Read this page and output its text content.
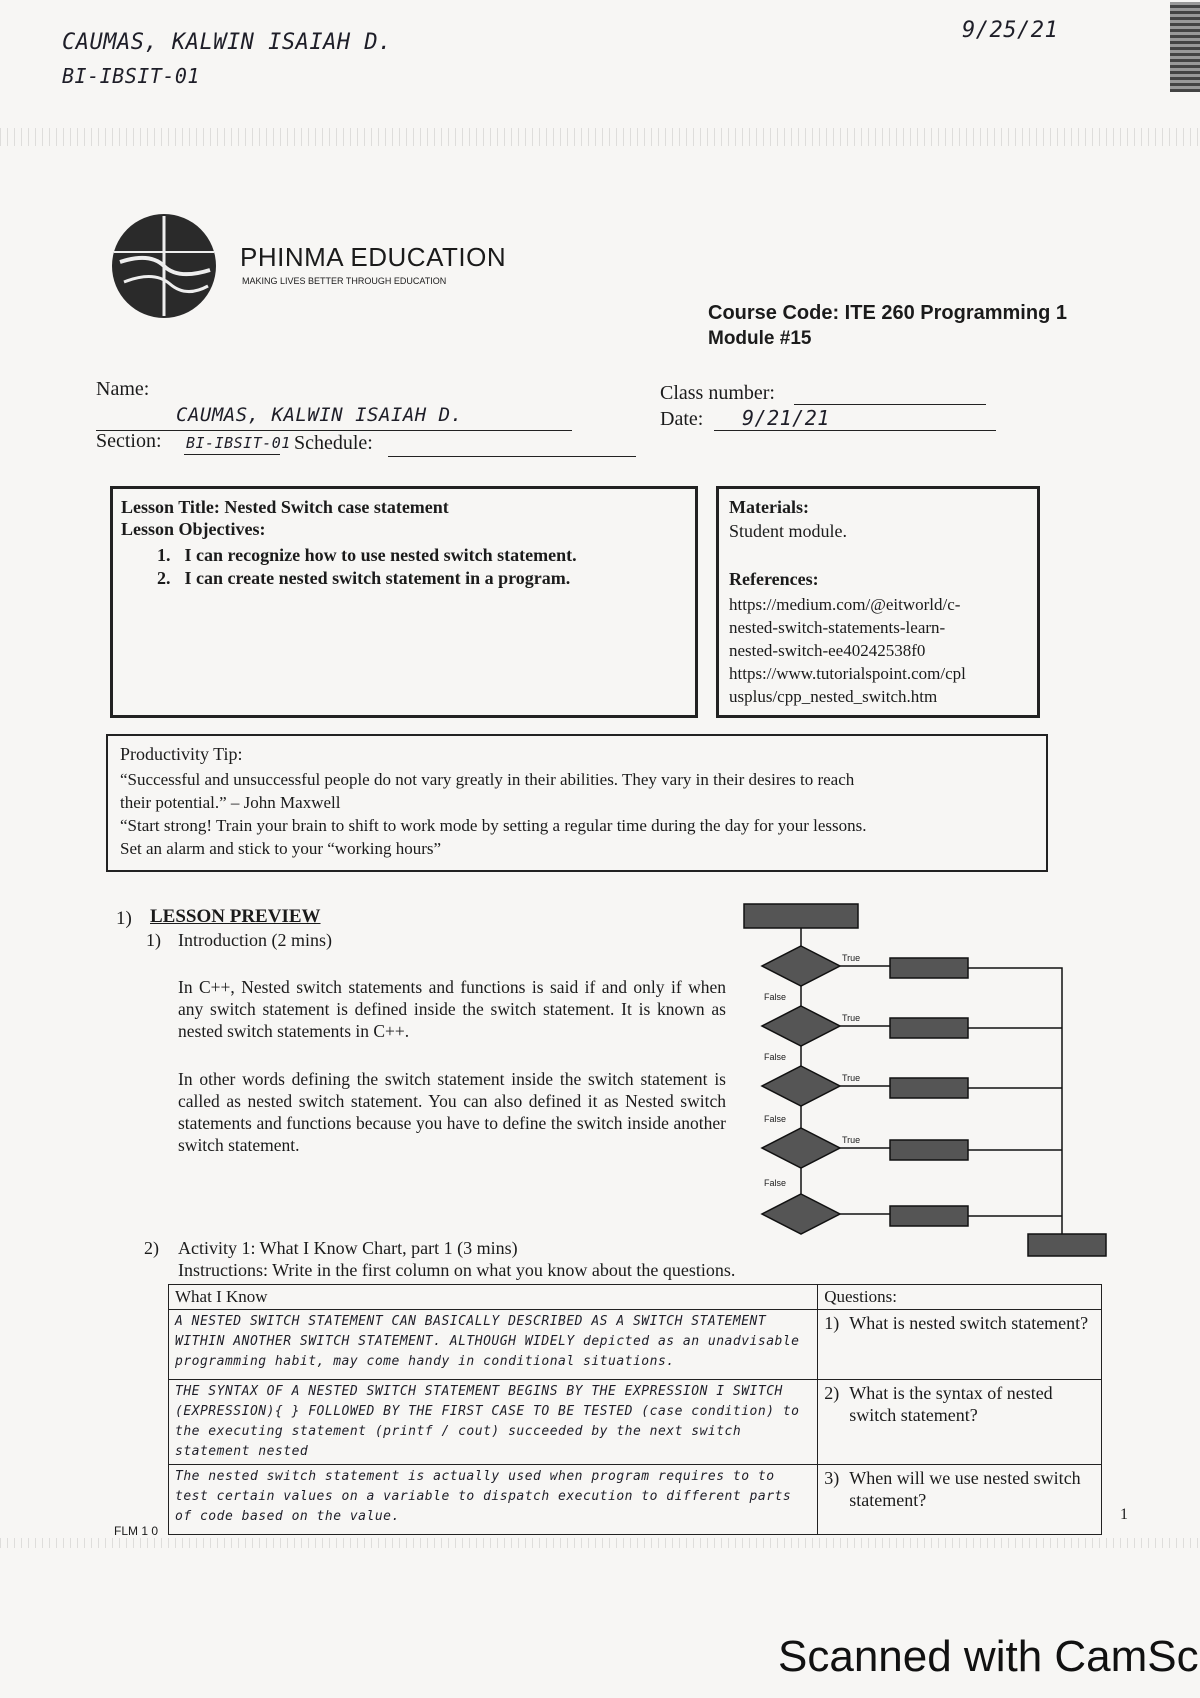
CAUMAS, KALWIN ISAIAH D.
BI-IBSIT-01
9/25/21
PHINMA EDUCATION
MAKING LIVES BETTER THROUGH EDUCATION
Course Code: ITE 260 Programming 1
Module #15
Name:
CAUMAS, KALWIN ISAIAH D.
Section: BI-IBSIT-01 Schedule:
Class number:
Date: 9/21/21
Lesson Title: Nested Switch case statement
Lesson Objectives:
1. I can recognize how to use nested switch statement.
2. I can create nested switch statement in a program.
Materials:
Student module.
References:
https://medium.com/@eitworld/c-
nested-switch-statements-learn-
nested-switch-ee40242538f0
https://www.tutorialspoint.com/cpl
usplus/cpp_nested_switch.htm
Productivity Tip:
“Successful and unsuccessful people do not vary greatly in their abilities. They vary in their desires to reach
their potential.” – John Maxwell
“Start strong! Train your brain to shift to work mode by setting a regular time during the day for your lessons.
Set an alarm and stick to your “working hours”
1) LESSON PREVIEW
1) Introduction (2 mins)
In C++, Nested switch statements and functions is said if and only if when any switch statement is defined inside the switch statement. It is known as nested switch statements in C++.
In other words defining the switch statement inside the switch statement is called as nested switch statement. You can also defined it as Nested switch statements and functions because you have to define the switch inside another switch statement.
True
True
True
True
False
False
False
False
2) Activity 1: What I Know Chart, part 1 (3 mins)
Instructions: Write in the first column on what you know about the questions.
What I Know	Questions:
A NESTED SWITCH STATEMENT CAN BASICALLY DESCRIBED AS A SWITCH STATEMENT WITHIN ANOTHER SWITCH STATEMENT. ALTHOUGH WIDELY depicted as an unadvisable programming habit, may come handy in conditional situations.	1) What is nested switch statement?

THE SYNTAX OF A NESTED SWITCH STATEMENT BEGINS BY THE EXPRESSION I SWITCH (EXPRESSION){ } FOLLOWED BY THE FIRST CASE TO BE TESTED (case condition) to the executing statement (printf / cout) succeeded by the next switch statement nested	2) What is the syntax of nested switch statement?

The nested switch statement is actually used when program requires to to test certain values on a variable to dispatch execution to different parts of code based on the value.	3) When will we use nested switch statement?
FLM 1 0
1
Scanned with CamSc
